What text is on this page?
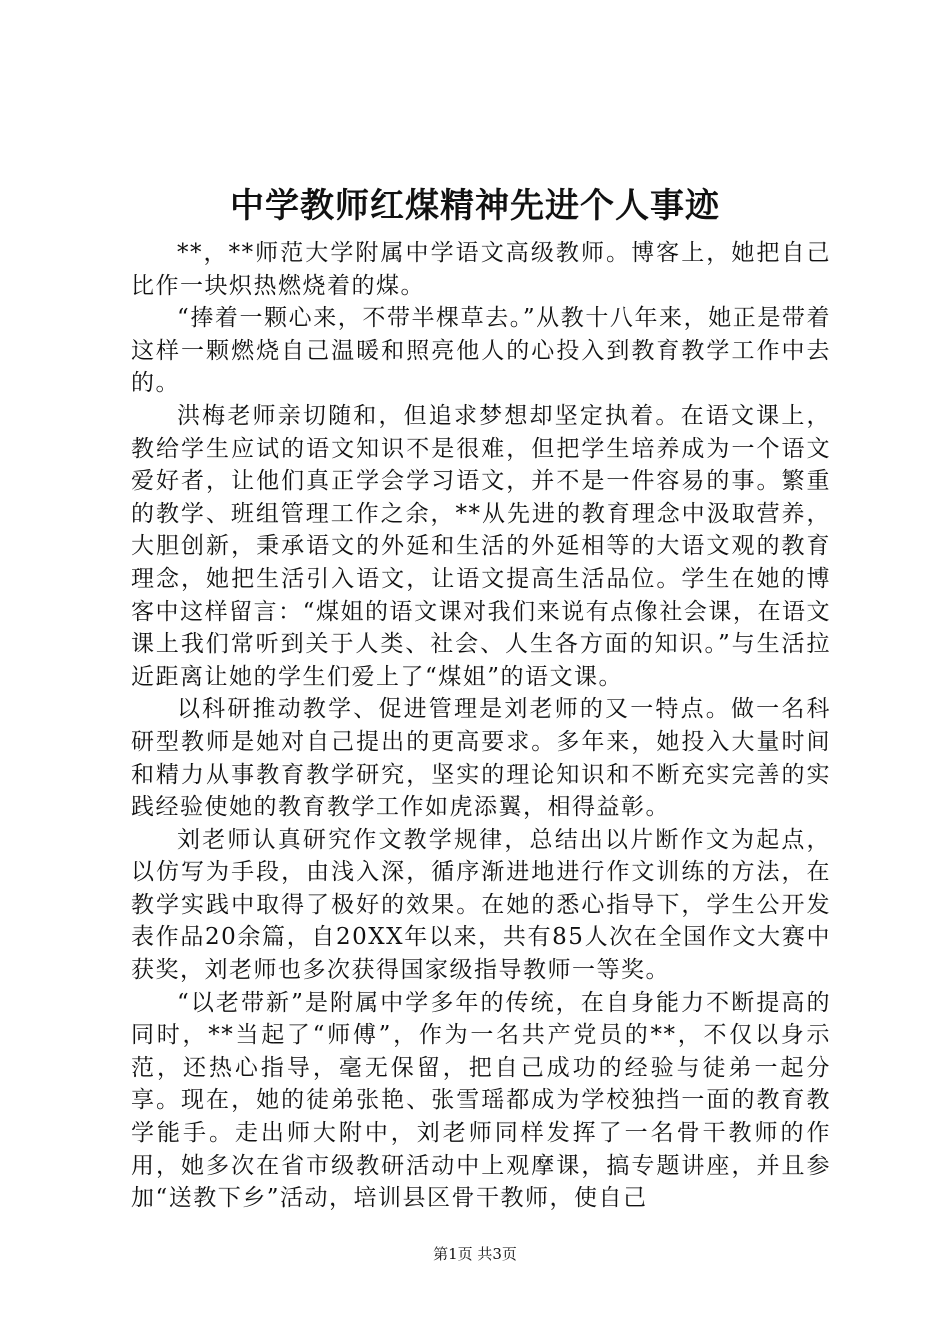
中学教师红煤精神先进个人事迹

**，**师范大学附属中学语文高级教师。博客上，她把自己比作一块炽热燃烧着的煤。

“捧着一颗心来，不带半棵草去。”从教十八年来，她正是带着这样一颗燃烧自己温暖和照亮他人的心投入到教育教学工作中去的。

洪梅老师亲切随和，但追求梦想却坚定执着。在语文课上，教给学生应试的语文知识不是很难，但把学生培养成为一个语文爱好者，让他们真正学会学习语文，并不是一件容易的事。繁重的教学、班组管理工作之余，**从先进的教育理念中汲取营养，大胆创新，秉承语文的外延和生活的外延相等的大语文观的教育理念，她把生活引入语文，让语文提高生活品位。学生在她的博客中这样留言：“煤姐的语文课对我们来说有点像社会课，在语文课上我们常听到关于人类、社会、人生各方面的知识。”与生活拉近距离让她的学生们爱上了“煤姐”的语文课。

以科研推动教学、促进管理是刘老师的又一特点。做一名科研型教师是她对自己提出的更高要求。多年来，她投入大量时间和精力从事教育教学研究，坚实的理论知识和不断充实完善的实践经验使她的教育教学工作如虎添翼，相得益彰。

刘老师认真研究作文教学规律，总结出以片断作文为起点，以仿写为手段，由浅入深，循序渐进地进行作文训练的方法，在教学实践中取得了极好的效果。在她的悉心指导下，学生公开发表作品20余篇，自20XX年以来，共有85人次在全国作文大赛中获奖，刘老师也多次获得国家级指导教师一等奖。

“以老带新”是附属中学多年的传统，在自身能力不断提高的同时，**当起了“师傅”，作为一名共产党员的**，不仅以身示范，还热心指导，毫无保留，把自己成功的经验与徒弟一起分享。现在，她的徒弟张艳、张雪瑶都成为学校独挡一面的教育教学能手。走出师大附中，刘老师同样发挥了一名骨干教师的作用，她多次在省市级教研活动中上观摩课，搞专题讲座，并且参加“送教下乡”活动，培训县区骨干教师，使自己

第1页 共3页
